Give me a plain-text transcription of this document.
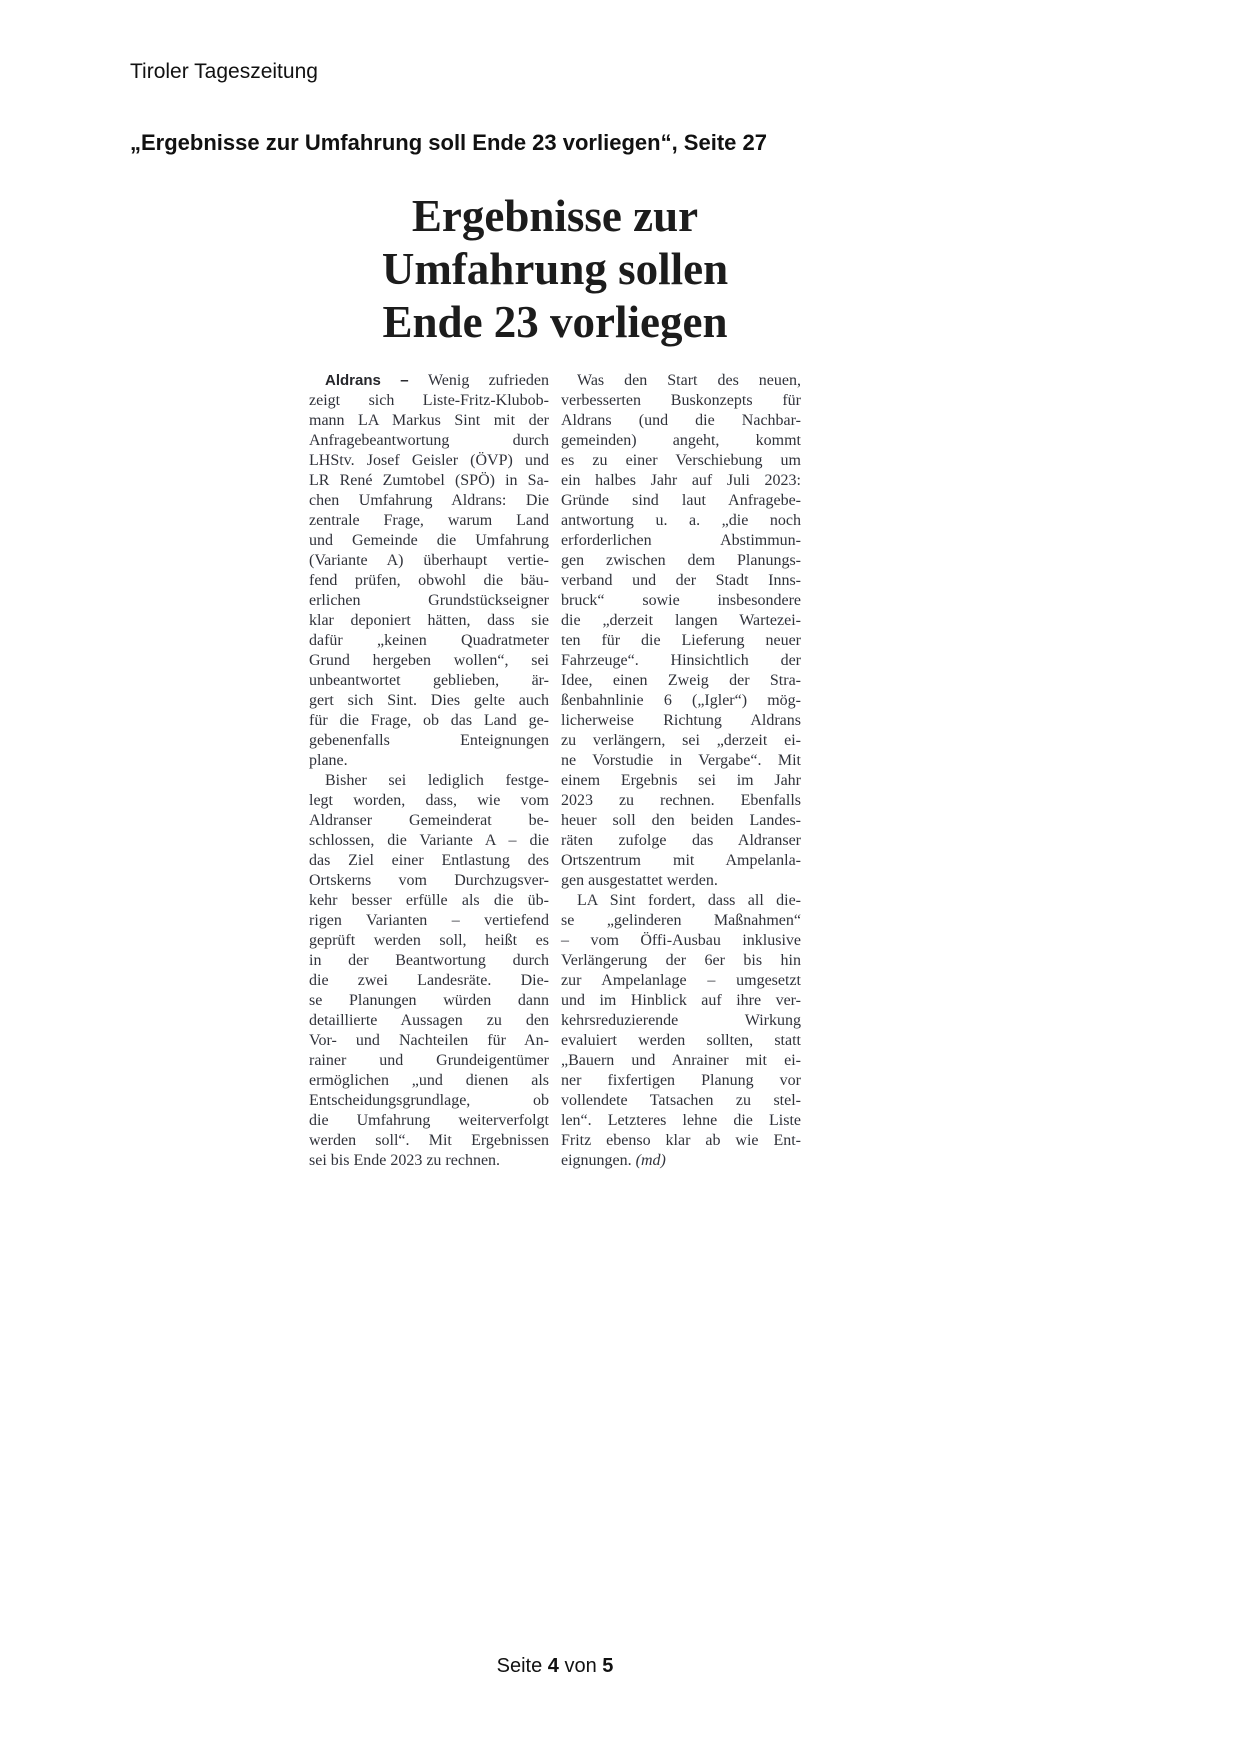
Tiroler Tageszeitung
„Ergebnisse zur Umfahrung soll Ende 23 vorliegen“, Seite 27
Ergebnisse zur
Umfahrung sollen
Ende 23 vorliegen
Aldrans – Wenig zufrieden
zeigt sich Liste-Fritz-Klubob-
mann LA Markus Sint mit der
Anfragebeantwortung durch
LHStv. Josef Geisler (ÖVP) und
LR René Zumtobel (SPÖ) in Sa-
chen Umfahrung Aldrans: Die
zentrale Frage, warum Land
und Gemeinde die Umfahrung
(Variante A) überhaupt vertie-
fend prüfen, obwohl die bäu-
erlichen Grundstückseigner
klar deponiert hätten, dass sie
dafür „keinen Quadratmeter
Grund hergeben wollen“, sei
unbeantwortet geblieben, är-
gert sich Sint. Dies gelte auch
für die Frage, ob das Land ge-
gebenenfalls Enteignungen
plane.
Bisher sei lediglich festge-
legt worden, dass, wie vom
Aldranser Gemeinderat be-
schlossen, die Variante A – die
das Ziel einer Entlastung des
Ortskerns vom Durchzugsver-
kehr besser erfülle als die üb-
rigen Varianten – vertiefend
geprüft werden soll, heißt es
in der Beantwortung durch
die zwei Landesräte. Die-
se Planungen würden dann
detaillierte Aussagen zu den
Vor- und Nachteilen für An-
rainer und Grundeigentümer
ermöglichen „und dienen als
Entscheidungsgrundlage, ob
die Umfahrung weiterverfolgt
werden soll“. Mit Ergebnissen
sei bis Ende 2023 zu rechnen.
Was den Start des neuen,
verbesserten Buskonzepts für
Aldrans (und die Nachbar-
gemeinden) angeht, kommt
es zu einer Verschiebung um
ein halbes Jahr auf Juli 2023:
Gründe sind laut Anfragebe-
antwortung u. a. „die noch
erforderlichen Abstimmun-
gen zwischen dem Planungs-
verband und der Stadt Inns-
bruck“ sowie insbesondere
die „derzeit langen Wartezei-
ten für die Lieferung neuer
Fahrzeuge“. Hinsichtlich der
Idee, einen Zweig der Stra-
ßenbahnlinie 6 („Igler“) mög-
licherweise Richtung Aldrans
zu verlängern, sei „derzeit ei-
ne Vorstudie in Vergabe“. Mit
einem Ergebnis sei im Jahr
2023 zu rechnen. Ebenfalls
heuer soll den beiden Landes-
räten zufolge das Aldranser
Ortszentrum mit Ampelanla-
gen ausgestattet werden.
LA Sint fordert, dass all die-
se „gelinderen Maßnahmen“
– vom Öffi-Ausbau inklusive
Verlängerung der 6er bis hin
zur Ampelanlage – umgesetzt
und im Hinblick auf ihre ver-
kehrsreduzierende Wirkung
evaluiert werden sollten, statt
„Bauern und Anrainer mit ei-
ner fixfertigen Planung vor
vollendete Tatsachen zu stel-
len“. Letzteres lehne die Liste
Fritz ebenso klar ab wie Ent-
eignungen. (md)
Seite 4 von 5
